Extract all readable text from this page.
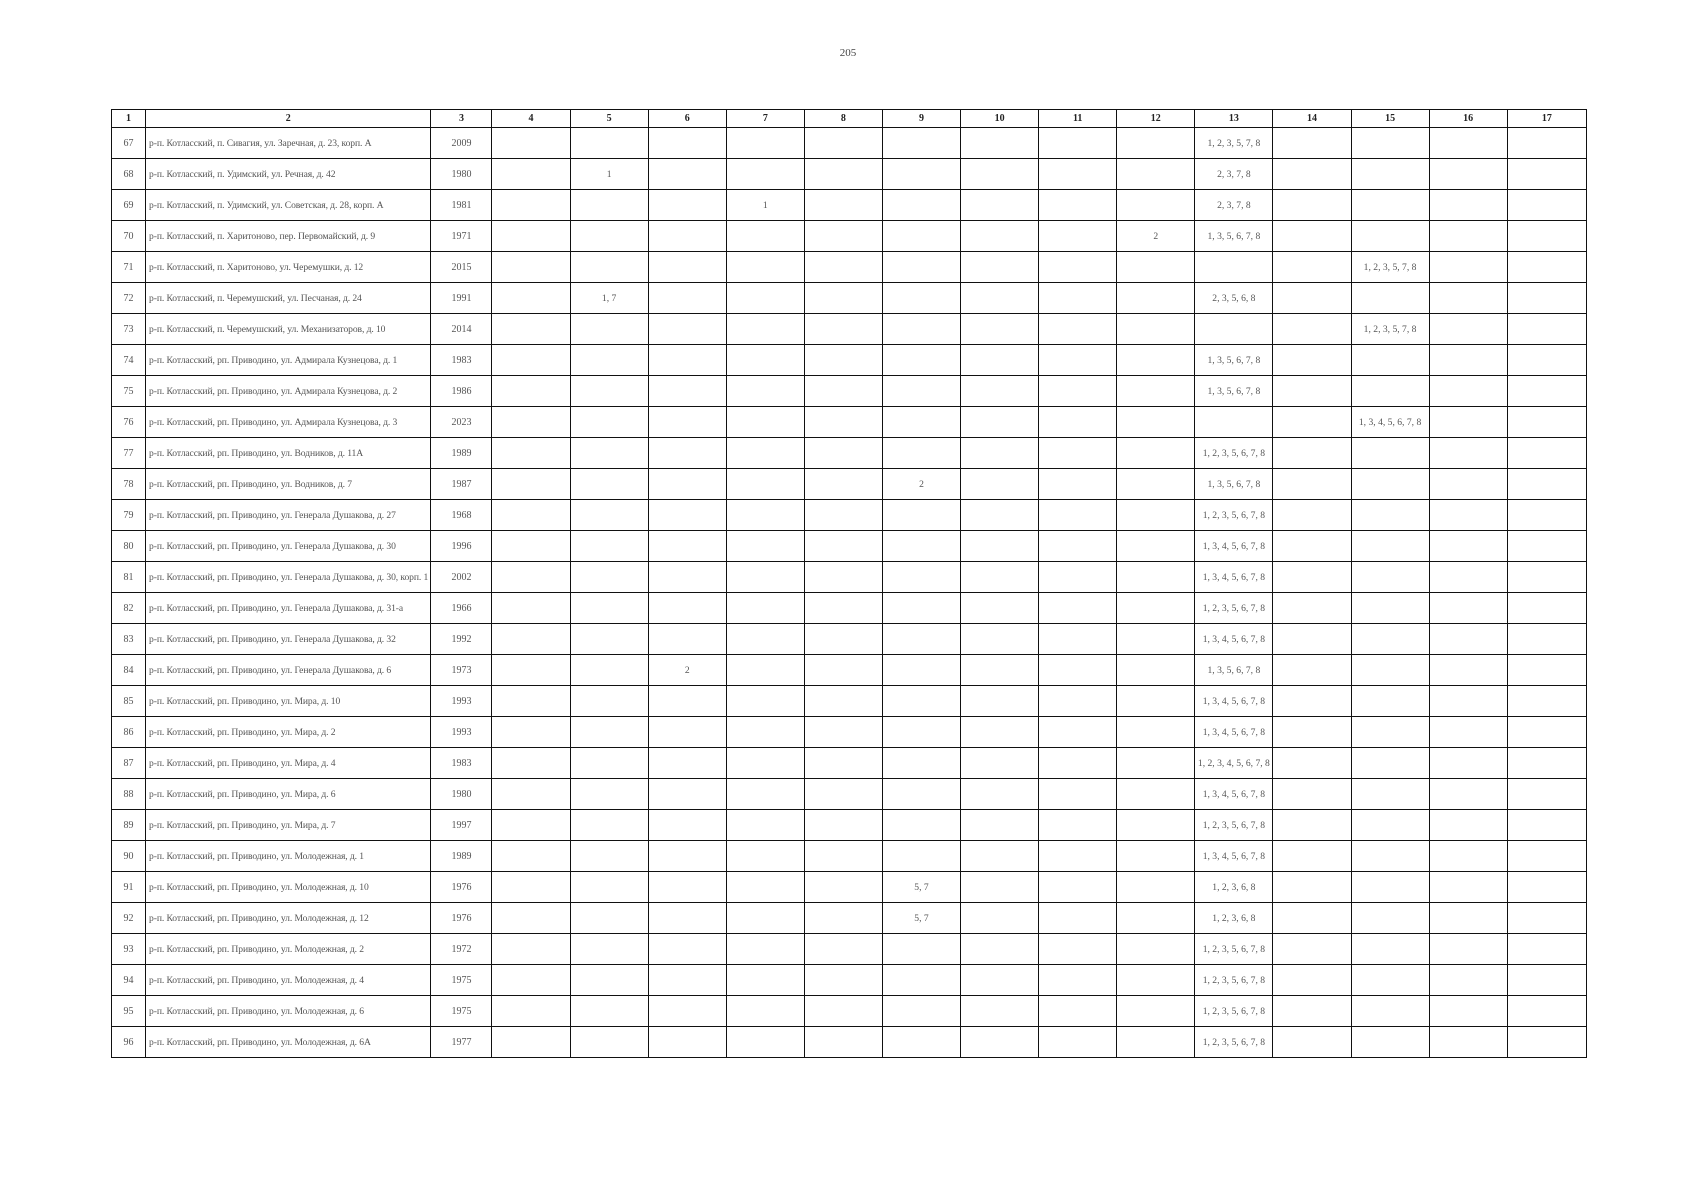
205
1	2	3	4	5	6	7	8	9	10	11	12	13	14	15	16	17
67	р-п. Котласский, п. Сивагия, ул. Заречная, д. 23, корп. А	2009										1, 2, 3, 5, 7, 8				
68	р-п. Котласский, п. Удимский, ул. Речная, д. 42	1980		1								2, 3, 7, 8				
69	р-п. Котласский, п. Удимский, ул. Советская, д. 28, корп. А	1981				1						2, 3, 7, 8				
70	р-п. Котласский, п. Харитоново, пер. Первомайский, д. 9	1971									2	1, 3, 5, 6, 7, 8				
71	р-п. Котласский, п. Харитоново, ул. Черемушки, д. 12	2015												1, 2, 3, 5, 7, 8		
72	р-п. Котласский, п. Черемушский, ул. Песчаная, д. 24	1991		1, 7								2, 3, 5, 6, 8				
73	р-п. Котласский, п. Черемушский, ул. Механизаторов, д. 10	2014												1, 2, 3, 5, 7, 8		
74	р-п. Котласский, рп. Приводино, ул. Адмирала Кузнецова, д. 1	1983										1, 3, 5, 6, 7, 8				
75	р-п. Котласский, рп. Приводино, ул. Адмирала Кузнецова, д. 2	1986										1, 3, 5, 6, 7, 8				
76	р-п. Котласский, рп. Приводино, ул. Адмирала Кузнецова, д. 3	2023												1, 3, 4, 5, 6, 7, 8		
77	р-п. Котласский, рп. Приводино, ул. Водников, д. 11А	1989										1, 2, 3, 5, 6, 7, 8				
78	р-п. Котласский, рп. Приводино, ул. Водников, д. 7	1987						2				1, 3, 5, 6, 7, 8				
79	р-п. Котласский, рп. Приводино, ул. Генерала Душакова, д. 27	1968										1, 2, 3, 5, 6, 7, 8				
80	р-п. Котласский, рп. Приводино, ул. Генерала Душакова, д. 30	1996										1, 3, 4, 5, 6, 7, 8				
81	р-п. Котласский, рп. Приводино, ул. Генерала Душакова, д. 30, корп. 1	2002										1, 3, 4, 5, 6, 7, 8				
82	р-п. Котласский, рп. Приводино, ул. Генерала Душакова, д. 31-а	1966										1, 2, 3, 5, 6, 7, 8				
83	р-п. Котласский, рп. Приводино, ул. Генерала Душакова, д. 32	1992										1, 3, 4, 5, 6, 7, 8				
84	р-п. Котласский, рп. Приводино, ул. Генерала Душакова, д. 6	1973			2							1, 3, 5, 6, 7, 8				
85	р-п. Котласский, рп. Приводино, ул. Мира, д. 10	1993										1, 3, 4, 5, 6, 7, 8				
86	р-п. Котласский, рп. Приводино, ул. Мира, д. 2	1993										1, 3, 4, 5, 6, 7, 8				
87	р-п. Котласский, рп. Приводино, ул. Мира, д. 4	1983										1, 2, 3, 4, 5, 6, 7, 8				
88	р-п. Котласский, рп. Приводино, ул. Мира, д. 6	1980										1, 3, 4, 5, 6, 7, 8				
89	р-п. Котласский, рп. Приводино, ул. Мира, д. 7	1997										1, 2, 3, 5, 6, 7, 8				
90	р-п. Котласский, рп. Приводино, ул. Молодежная, д. 1	1989										1, 3, 4, 5, 6, 7, 8				
91	р-п. Котласский, рп. Приводино, ул. Молодежная, д. 10	1976						5, 7				1, 2, 3, 6, 8				
92	р-п. Котласский, рп. Приводино, ул. Молодежная, д. 12	1976						5, 7				1, 2, 3, 6, 8				
93	р-п. Котласский, рп. Приводино, ул. Молодежная, д. 2	1972										1, 2, 3, 5, 6, 7, 8				
94	р-п. Котласский, рп. Приводино, ул. Молодежная, д. 4	1975										1, 2, 3, 5, 6, 7, 8				
95	р-п. Котласский, рп. Приводино, ул. Молодежная, д. 6	1975										1, 2, 3, 5, 6, 7, 8				
96	р-п. Котласский, рп. Приводино, ул. Молодежная, д. 6А	1977										1, 2, 3, 5, 6, 7, 8				
